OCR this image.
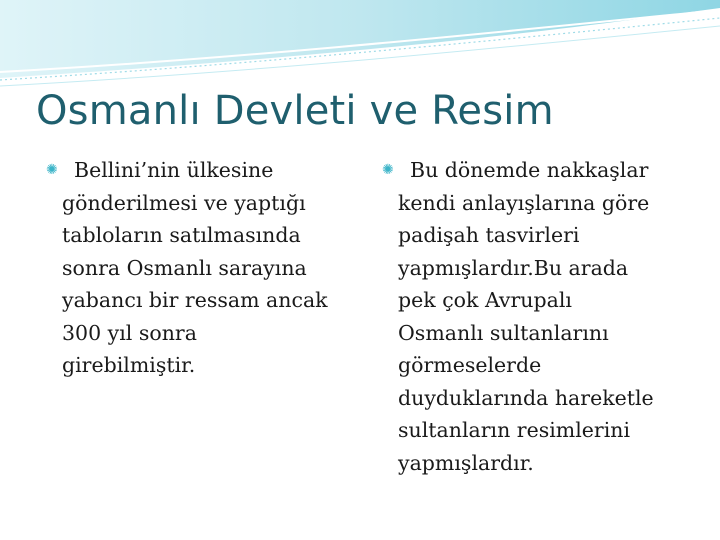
Osmanlı Devleti ve Resim

✺ Bellini’nin ülkesine
gönderilmesi ve yaptığı
tabloların satılmasında
sonra Osmanlı sarayına
yabancı bir ressam ancak
300 yıl sonra
girebilmiştir.

✺ Bu dönemde nakkaşlar
kendi anlayışlarına göre
padişah tasvirleri
yapmışlardır.Bu arada
pek çok Avrupalı
Osmanlı sultanlarını
görmeselerde
duyduklarında hareketle
sultanların resimlerini
yapmışlardır.
